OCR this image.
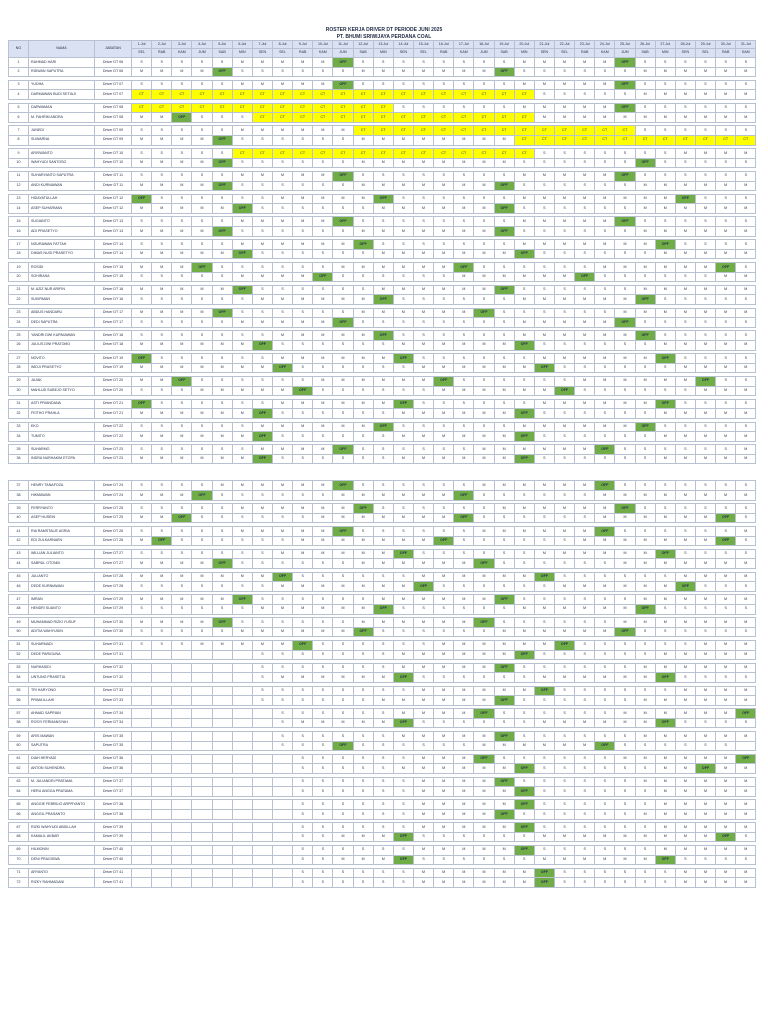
ROSTER KERJA DRIVER DT PERIODE JUNI 2025
PT. BHUMI SRIWIJAYA PERDANA COAL
NO	NAMA	JABATAN	1-Jul	2-Jul	3-Jul	4-Jul	5-Jul	6-Jul	7-Jul	8-Jul	9-Jul	10-Jul	11-Jul	12-Jul	13-Jul	14-Jul	15-Jul	16-Jul	17-Jul	18-Jul	19-Jul	20-Jul	21-Jul	22-Jul	23-Jul	24-Jul	25-Jul	26-Jul	27-Jul	28-Jul	29-Jul	30-Jul	31-Jul
			SEL	RAB	KAM	JUM	SAB	MIN	SEN	SEL	RAB	KAM	JUM	SAB	MIN	SEN	SEL	RAB	KAM	JUM	SAB	MIN	SEN	SEL	RAB	KAM	JUM	SAB	MIN	SEN	SEL	RAB	KAM
1	RAHMAD HARI	Driver DT 06	S	S	S	S	S	M	M	M	M	M	OFF	S	S	S	S	S	S	S	S	M	M	M	M	M	OFF	S	S	S	S	S	S
2	RIDWAN SAPUTRA	Driver DT 06	M	M	M	M	OFF	S	S	S	S	S	S	M	M	M	M	M	M	M	OFF	S	S	S	S	S	S	M	M	M	M	M	M

3	YUDHA	Driver DT 07	S	S	S	S	S	M	M	M	M	M	OFF	S	S	S	S	S	S	S	S	M	M	M	M	M	OFF	S	S	S	S	S	S
4	DARMAWAN BUDI SETIAJI	Driver DT 07	CT	CT	CT	CT	CT	CT	CT	CT	CT	CT	CT	CT	CT	CT	CT	CT	CT	CT	CT	CT	S	S	S	S	S	M	M	M	M	M	M

5	DARWAMAN	Driver DT 08	CT	CT	CT	CT	CT	CT	CT	CT	CT	CT	CT	CT	CT	S	S	S	S	S	S	M	M	M	M	M	OFF	S	S	S	S	S	S
6	M. FAHRIM ANDRA	Driver DT 08	M	M	OFF	S	S	S	CT	CT	CT	CT	CT	CT	CT	CT	CT	CT	CT	CT	CT	CT	M	M	M	M	M	M	M	M	M	M	M

7	JUNEDI	Driver DT 09	S	S	S	S	S	M	M	M	M	M	M	CT	CT	CT	CT	CT	CT	CT	CT	CT	CT	CT	CT	CT	CT	S	S	S	S	S	S
8	SUWARNA	Driver DT 09	M	M	M	M	OFF	S	S	S	S	S	S	M	M	M	M	M	M	M	M	CT	CT	CT	CT	CT	CT	CT	CT	CT	CT	CT	CT

9	ARISWANTO	Driver DT 10	S	S	S	S	S	CT	CT	CT	CT	CT	CT	CT	CT	CT	CT	CT	CT	CT	CT	CT	S	S	S	S	S	S	S	M	M	M	M
10	WAHYUDI SANTOSO	Driver DT 10	M	M	M	M	OFF	S	S	S	S	S	S	M	M	M	M	M	M	M	M	S	S	S	S	S	S	OFF	S	S	S	S	S

11	SUHARYANTO SAPUTRA	Driver DT 11	S	S	S	S	S	M	M	M	M	M	OFF	S	S	S	S	S	S	S	S	M	M	M	M	M	OFF	S	S	S	S	S	S
12	ANDI KURNIAWAN	Driver DT 11	M	M	M	M	OFF	S	S	S	S	S	S	M	M	M	M	M	M	M	OFF	S	S	S	S	S	S	M	M	M	M	M	M

13	HIDAYATULLAH	Driver DT 12	OFF	S	S	S	S	S	S	M	M	M	M	M	OFF	S	S	S	S	S	S	M	M	M	M	M	M	M	M	OFF	S	S	S
14	ASEP SUHARMAN	Driver DT 12	M	M	M	M	M	OFF	S	S	S	S	S	S	M	M	M	M	M	M	OFF	S	S	S	S	S	S	M	M	M	M	M	M

15	SUGIANTO	Driver DT 13	S	S	S	S	S	M	M	M	M	M	OFF	S	S	S	S	S	S	S	S	M	M	M	M	M	OFF	S	S	S	S	S	S
16	ADI PRASETYO	Driver DT 13	M	M	M	M	OFF	S	S	S	S	S	S	M	M	M	M	M	M	M	OFF	S	S	S	S	S	S	M	M	M	M	M	M

17	NGURAWAN FATTAH	Driver DT 14	S	S	S	S	S	M	M	M	M	M	M	OFF	S	S	S	S	S	S	S	M	M	M	M	M	M	M	OFF	S	S	S	S
18	DIMAS NUGI PRASETYO	Driver DT 14	M	M	M	M	M	OFF	S	S	S	S	S	S	M	M	M	M	M	M	M	OFF	S	S	S	S	S	S	M	M	M	M	M

19	ROSIDI	Driver DT 15	M	M	M	OFF	S	S	S	S	S	S	M	M	M	M	M	M	OFF	S	S	S	S	S	S	M	M	M	M	M	M	OFF	S
20	SOHIRASA	Driver DT 15	S	S	S	S	S	M	M	M	M	OFF	S	S	S	S	S	S	M	M	M	M	M	M	OFF	S	S	S	S	S	S	M	M

21	M. AZIZ NUR ARIFIN	Driver DT 16	M	M	M	M	M	OFF	S	S	S	S	S	S	M	M	M	M	M	M	OFF	S	S	S	S	S	S	M	M	M	M	M	M
22	SUKIRMAN	Driver DT 16	S	S	S	S	S	S	M	M	M	M	M	M	OFF	S	S	S	S	S	S	M	M	M	M	M	M	OFF	S	S	S	S	S

23	ABDUS HANDARU	Driver DT 17	M	M	M	M	OFF	S	S	S	S	S	S	M	M	M	M	M	M	OFF	S	S	S	S	S	S	M	M	M	M	M	M	M
24	DEDI SAPUTRA	Driver DT 17	S	S	S	S	S	M	M	M	M	M	OFF	S	S	S	S	S	S	S	S	M	M	M	M	M	OFF	S	S	S	S	S	S

25	YANDRI DWI KURNIAWAN	Driver DT 18	S	S	S	S	S	S	S	M	M	M	M	M	OFF	S	S	S	S	S	S	M	M	M	M	M	M	OFF	S	S	S	S	S
26	JULIUS DWI PRATOMO	Driver DT 18	M	M	M	M	M	M	OFF	S	S	S	S	S	S	M	M	M	M	M	M	OFF	S	S	S	S	S	S	M	M	M	M	M

27	NOVITO	Driver DT 19	OFF	S	S	S	S	S	S	M	M	M	M	M	M	OFF	S	S	S	S	S	S	M	M	M	M	M	M	OFF	S	S	S	S
28	WIDJI PRASETYO	Driver DT 19	M	M	M	M	M	M	M	OFF	S	S	S	S	S	S	M	M	M	M	M	M	OFF	S	S	S	S	S	S	M	M	M	M

29	JAJAK	Driver DT 20	M	M	OFF	S	S	S	S	S	S	M	M	M	M	M	M	OFF	S	S	S	S	S	S	M	M	M	M	M	M	OFF	S	S
30	MAHLUD SUBEJO SETYO	Driver DT 20	S	S	S	M	M	M	M	M	OFF	S	S	S	S	S	S	M	M	M	M	M	M	OFF	S	S	S	S	S	S	M	M	M

31	ASTI PRIANDANA	Driver DT 21	OFF	S	S	S	S	S	S	M	M	M	M	M	M	OFF	S	S	S	S	S	S	M	M	M	M	M	M	OFF	S	S	S	S
32	FEITHO PRAHLA	Driver DT 21	M	M	M	M	M	M	OFF	S	S	S	S	S	S	M	M	M	M	M	M	OFF	S	S	S	S	S	S	M	M	M	M	M

33	EKO	Driver DT 22	S	S	S	S	S	S	M	M	M	M	M	M	OFF	S	S	S	S	S	S	M	M	M	M	M	M	OFF	S	S	S	S	S
34	TUMITO	Driver DT 22	M	M	M	M	M	M	OFF	S	S	S	S	S	S	M	M	M	M	M	M	OFF	S	S	S	S	S	S	M	M	M	M	M

35	SUHARMO	Driver DT 23	S	S	S	S	S	S	M	M	M	M	OFF	S	S	S	S	S	S	M	M	M	M	M	M	OFF	S	S	S	S	S	S	M
36	INDRA NURHAKIM ETOPA	Driver DT 23	M	M	M	M	M	M	OFF	S	S	S	S	S	S	M	M	M	M	M	M	OFF	S	S	S	S	S	S	M	M	M	M	M

37	HENRY TANAFOZA	Driver DT 24	S	S	S	S	M	M	M	M	M	M	OFF	S	S	S	S	S	S	M	M	M	M	M	M	OFF	S	S	S	S	S	S	S
38	HIKMAWAN	Driver DT 24	M	M	M	OFF	S	S	S	S	S	S	M	M	M	M	M	M	OFF	S	S	S	S	S	S	M	M	M	M	M	M	M	M

39	FERRYANTO	Driver DT 25	S	S	S	S	S	M	M	M	M	M	M	OFF	S	S	S	S	S	S	M	M	M	M	M	M	OFF	S	S	S	S	S	S
40	ASEP HUSEIN	Driver DT 25	M	M	OFF	S	S	S	S	S	S	M	M	M	M	M	M	M	OFF	S	S	S	S	S	S	M	M	M	M	M	M	OFF	S

41	RIA RAMSTALIE AGRIA	Driver DT 26	S	S	S	S	S	M	M	M	M	M	OFF	S	S	S	S	S	S	M	M	M	M	M	M	OFF	S	S	S	S	S	S	M
42	EDI ZULKARNAEN	Driver DT 26	M	OFF	S	S	S	S	S	S	M	M	M	M	M	M	M	OFF	S	S	S	S	S	S	M	M	M	M	M	M	M	OFF	S

43	WILLIAN JULIANTO	Driver DT 27	S	S	S	S	S	S	S	M	M	M	M	M	M	OFF	S	S	S	S	S	S	M	M	M	M	M	M	OFF	S	S	S	S
44	SABRUL OTONDI	Driver DT 27	M	M	M	M	OFF	S	S	S	S	S	S	M	M	M	M	M	M	OFF	S	S	S	S	S	S	M	M	M	M	M	M	M

45	JULIANTO	Driver DT 28	M	M	M	M	M	M	M	OFF	S	S	S	S	S	S	M	M	M	M	M	M	OFF	S	S	S	S	S	S	M	M	M	M
46	DEDE KURNIAWAN	Driver DT 28	S	S	S	S	S	S	S	M	M	M	M	M	M	M	OFF	S	S	S	S	S	S	M	M	M	M	M	M	OFF	S	S	S

47	IMRAN	Driver DT 29	M	M	M	M	M	OFF	S	S	S	S	S	S	M	M	M	M	M	M	OFF	S	S	S	S	S	S	M	M	M	M	M	M
48	HENDRI SUANTO	Driver DT 29	S	S	S	S	S	S	M	M	M	M	M	M	OFF	S	S	S	S	S	S	M	M	M	M	M	M	OFF	S	S	S	S	S

49	MUHAMMAD RIZKI YUSUF	Driver DT 30	M	M	M	M	OFF	S	S	S	S	S	S	M	M	M	M	M	M	OFF	S	S	S	S	S	S	M	M	M	M	M	M	M
50	ADITIA WAHYUDIN	Driver DT 30	S	S	S	S	S	M	M	M	M	M	M	OFF	S	S	S	S	S	S	M	M	M	M	M	M	OFF	S	S	S	S	S	S

51	SUHARMADI	Driver DT 31	S	S	S	M	M	M	M	M	OFF	S	S	S	S	S	S	M	M	M	M	M	M	OFF	S	S	S	S	S	S	M	M	M
52	DEDE PARIGUNA	Driver DT 31							S	S	S	S	S	S	S	M	M	M	M	M	M	OFF	S	S	S	S	S	S	M	M	M	M	M

53	NURHASIDI	Driver DT 32							S	S	S	S	S	S	S	M	M	M	M	M	OFF	S	S	S	S	S	S	M	M	M	M	M	M
54	UNTUNG PRASETIA	Driver DT 32							S	M	M	M	M	M	M	OFF	S	S	S	S	S	S	M	M	M	M	M	M	OFF	S	S	S	S

55	TRI HARYONO	Driver DT 33							S	S	S	S	S	S	S	S	M	M	M	M	M	M	OFF	S	S	S	S	S	S	M	M	M	M
56	PRIMA ILLAHI	Driver DT 33							S	S	S	S	S	S	M	M	M	M	M	M	OFF	S	S	S	S	S	S	M	M	M	M	M	M

57	AHMAD SAPRIAN	Driver DT 34								S	S	S	S	S	S	M	M	M	M	OFF	S	S	S	S	S	S	M	M	M	M	M	M	OFF
58	ROSYI FERMANSYAH	Driver DT 34								S	M	M	M	M	M	OFF	S	S	S	S	S	S	M	M	M	M	M	M	OFF	S	S	S	S

59	ARIS MAWAN	Driver DT 35								S	S	S	S	S	S	M	M	M	M	M	OFF	S	S	S	S	S	S	M	M	M	M	M	M
60	SAPUTRA	Driver DT 35								S	S	S	OFF	S	S	S	S	S	S	M	M	M	M	M	M	OFF	S	S	S	S	S	S	

61	DIAH HERYADI	Driver DT 36									S	S	S	S	S	S	M	M	M	OFF	S	S	S	S	S	S	M	M	M	M	M	M	OFF
62	ANTON SUHENDRA	Driver DT 36									S	S	S	S	S	M	M	M	M	M	M	OFF	S	S	S	S	S	S	M	M	OFF	M	M

63	M. JULIANDRI PRATAMA	Driver DT 37									S	S	S	S	S	S	M	M	M	M	OFF	S	S	S	S	S	S	M	M	M	M	M	M
64	HERU ANGGA PRATAMA	Driver DT 37									S	S	S	S	S	S	M	M	M	M	M	OFF	S	S	S	S	S	S	M	M	M	M	M

65	ANGGIE FEBRILIO ARPRYANTO	Driver DT 38									S	S	S	S	S	S	M	M	M	M	M	OFF	S	S	S	S	S	S	M	M	M	M	M
66	ANGGIL PRASANTO	Driver DT 38									S	S	S	S	S	S	M	M	M	M	OFF	S	S	S	S	S	S	M	M	M	M	M	M

67	RIZKI WAHYUDI ABDILLAH	Driver DT 39									S	S	S	S	S	S	M	M	M	M	M	OFF	S	S	S	S	S	S	M	M	M	M	M
68	KAMALIL AKBAR	Driver DT 39									S	S	M	M	M	OFF	S	S	S	S	S	S	M	M	M	M	M	M	M	M	M	OFF	S

69	HILMONIN	Driver DT 40									S	S	S	S	S	S	M	M	M	M	M	OFF	S	S	S	S	S	S	M	M	M	M	M
70	DENI PRAGISWA	Driver DT 40									S	S	M	M	M	OFF	S	S	S	S	S	S	M	M	M	M	M	M	OFF	S	S	S	S

71	ARYANTO	Driver DT 41									S	S	S	S	S	S	M	M	M	M	M	M	OFF	S	S	S	S	S	S	M	M	M	M
72	RIZKY RAHMADANI	Driver DT 41									S	S	S	S	S	S	M	M	M	M	M	M	OFF	S	S	S	S	S	S	M	M	M	M
